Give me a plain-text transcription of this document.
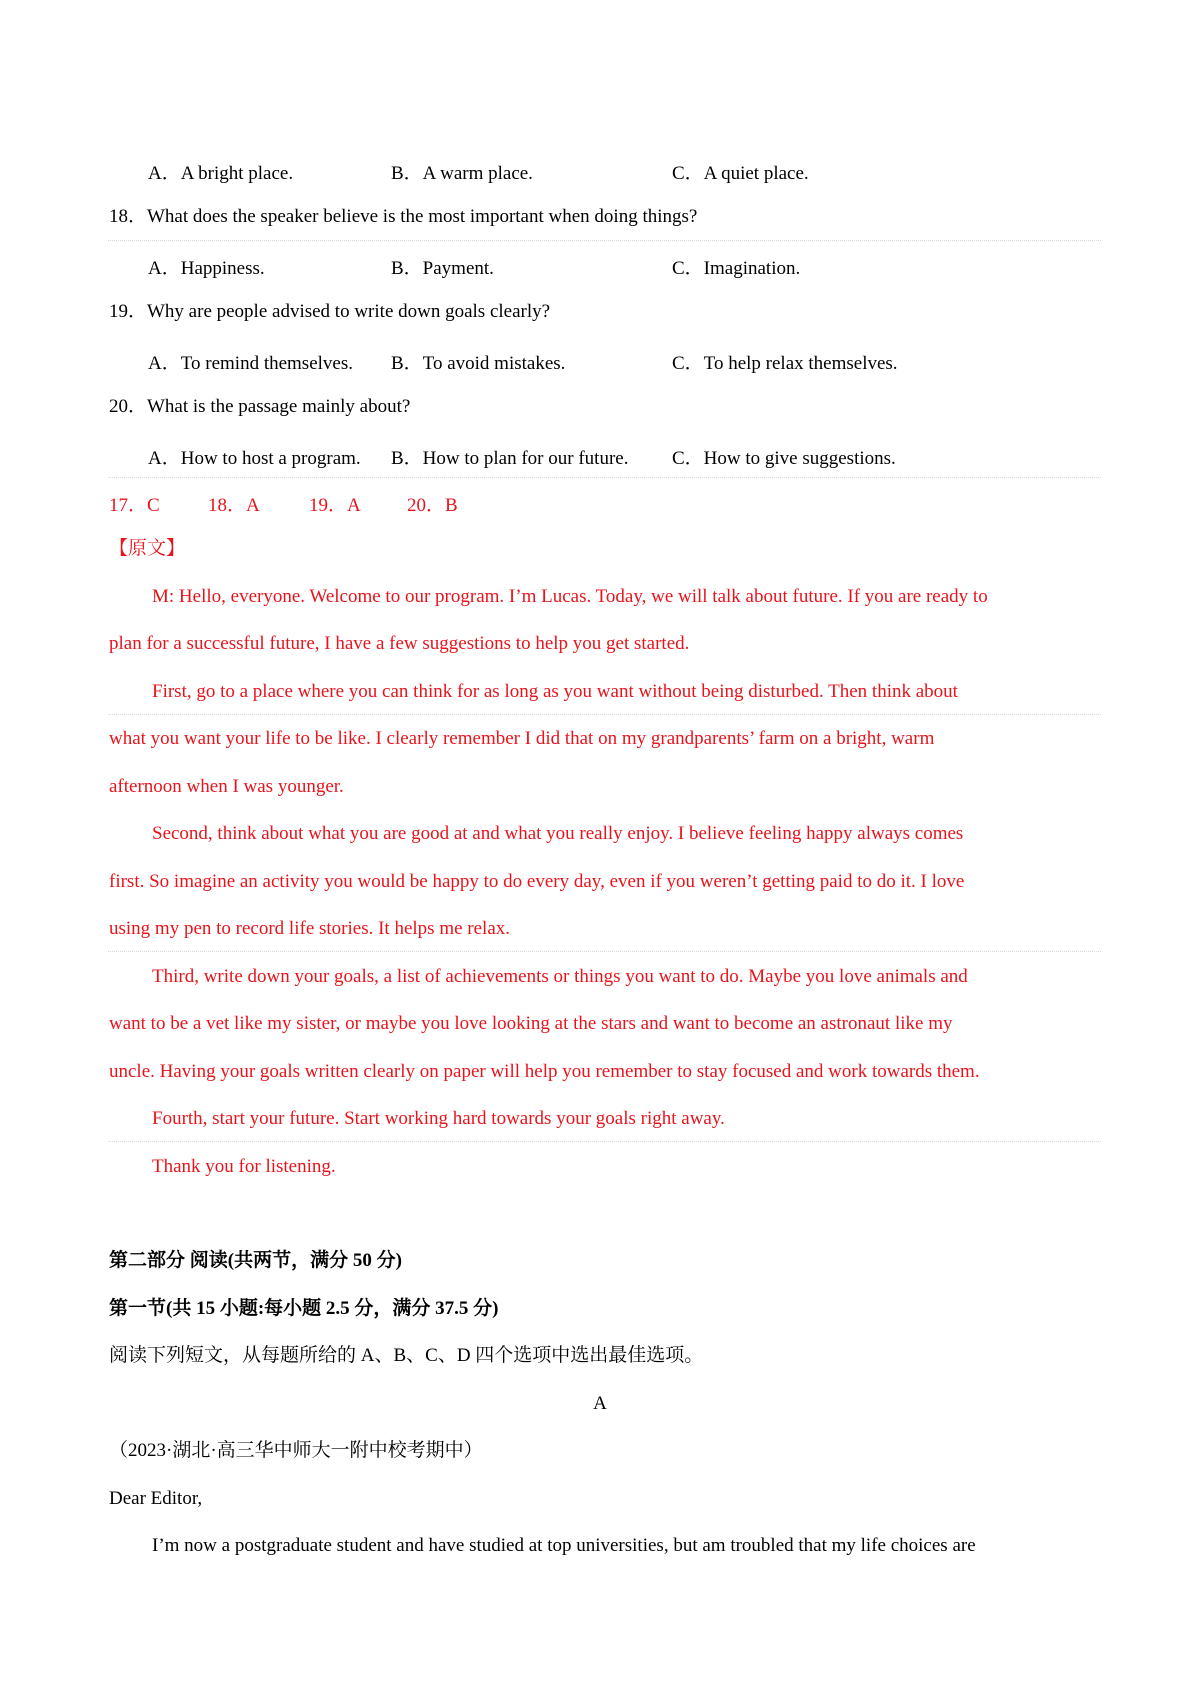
A．A bright place.	B．A warm place.	C．A quiet place.
18．What does the speaker believe is the most important when doing things?
A．Happiness.	B．Payment.	C．Imagination.
19．Why are people advised to write down goals clearly?
A．To remind themselves. B．To avoid mistakes.	C．To help relax themselves.
20．What is the passage mainly about?
A．How to host a program. B．How to plan for our future. C．How to give suggestions.
17．C	18．A	19．A 20．B
【原文】
M: Hello, everyone. Welcome to our program. I’m Lucas. Today, we will talk about future. If you are ready to
plan for a successful future, I have a few suggestions to help you get started.
First, go to a place where you can think for as long as you want without being disturbed. Then think about
what you want your life to be like. I clearly remember I did that on my grandparents’ farm on a bright, warm
afternoon when I was younger.
Second, think about what you are good at and what you really enjoy. I believe feeling happy always comes
first. So imagine an activity you would be happy to do every day, even if you weren’t getting paid to do it. I love
using my pen to record life stories. It helps me relax.
Third, write down your goals, a list of achievements or things you want to do. Maybe you love animals and
want to be a vet like my sister, or maybe you love looking at the stars and want to become an astronaut like my
uncle. Having your goals written clearly on paper will help you remember to stay focused and work towards them.
Fourth, start your future. Start working hard towards your goals right away.
Thank you for listening.
第二部分 阅读(共两节，满分 50 分)
第一节(共 15 小题:每小题 2.5 分，满分 37.5 分)
阅读下列短文，从每题所给的 A、B、C、D 四个选项中选出最佳选项。
A
（2023·湖北·高三华中师大一附中校考期中）
Dear Editor,
I’m now a postgraduate student and have studied at top universities, but am troubled that my life choices are
